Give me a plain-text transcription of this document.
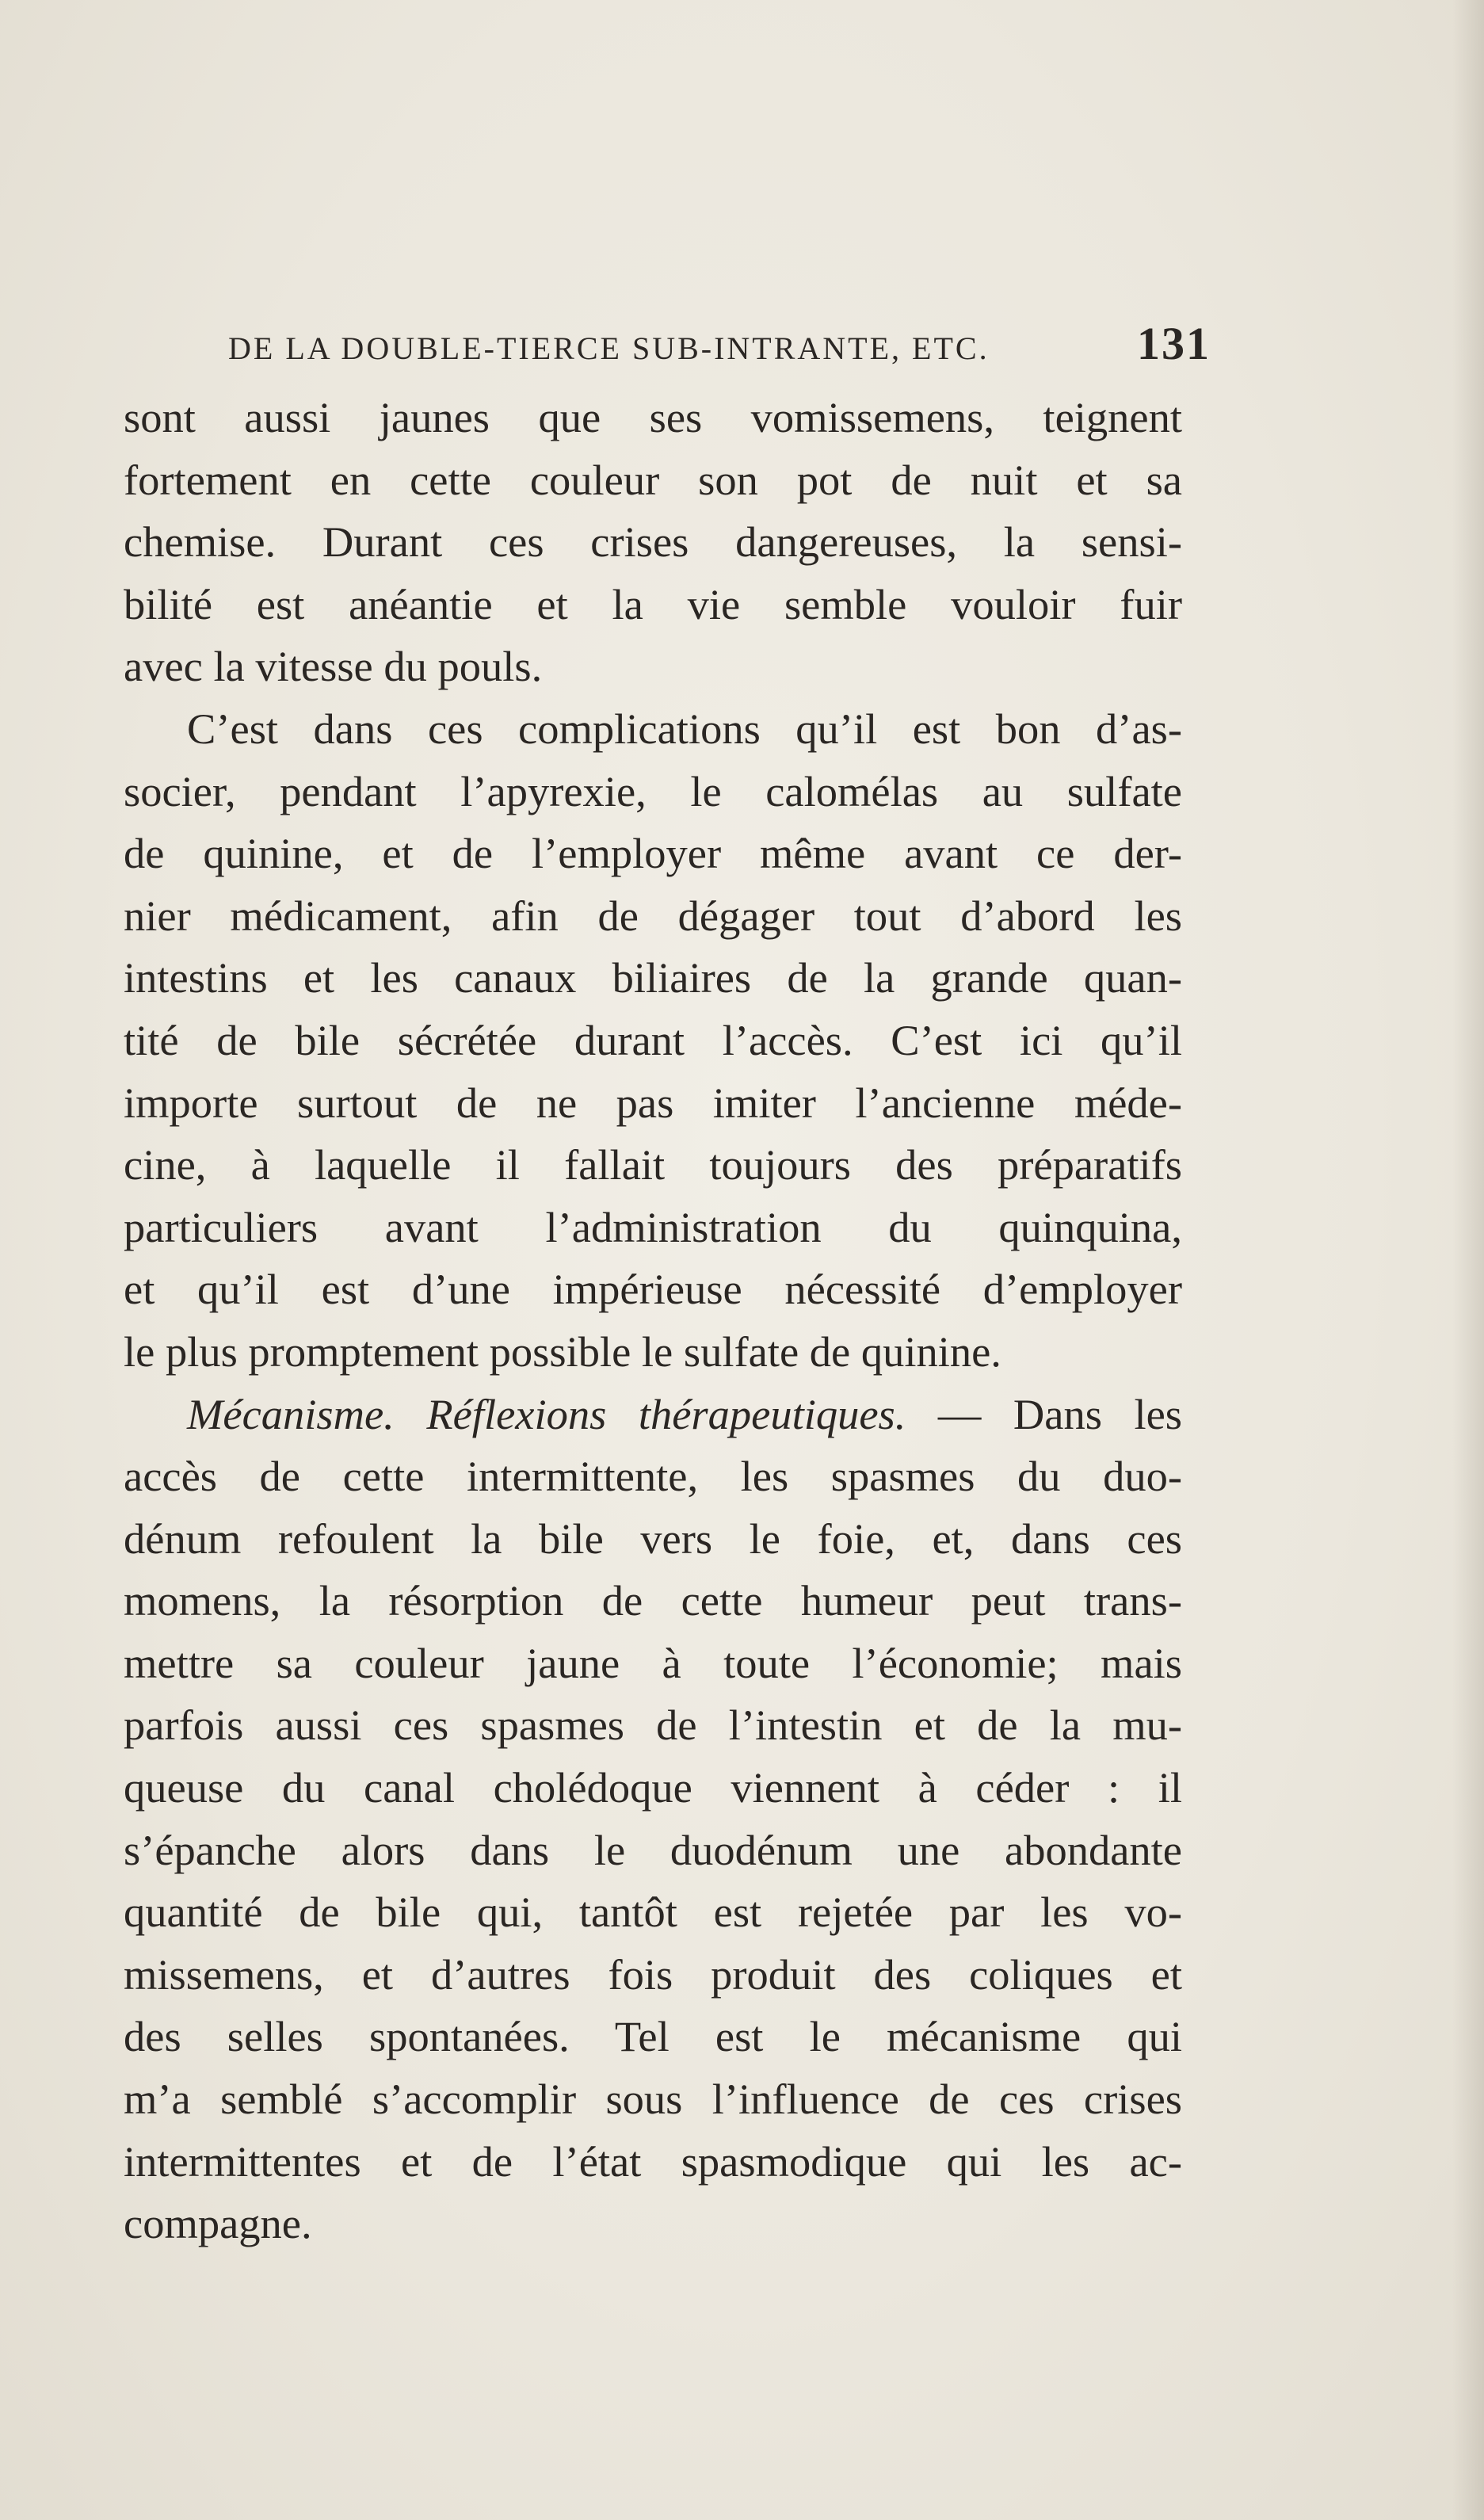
DE LA DOUBLE-TIERCE SUB-INTRANTE, ETC.	131
sont aussi jaunes que ses vomissemens, teignent
fortement en cette couleur son pot de nuit et sa
chemise. Durant ces crises dangereuses, la sensi-
bilité est anéantie et la vie semble vouloir fuir
avec la vitesse du pouls.
C’est dans ces complications qu’il est bon d’as-
socier, pendant l’apyrexie, le calomélas au sulfate
de quinine, et de l’employer même avant ce der-
nier médicament, afin de dégager tout d’abord les
intestins et les canaux biliaires de la grande quan-
tité de bile sécrétée durant l’accès. C’est ici qu’il
importe surtout de ne pas imiter l’ancienne méde-
cine, à laquelle il fallait toujours des préparatifs
particuliers avant l’administration du quinquina,
et qu’il est d’une impérieuse nécessité d’employer
le plus promptement possible le sulfate de quinine.
Mécanisme. Réflexions thérapeutiques. — Dans les
accès de cette intermittente, les spasmes du duo-
dénum refoulent la bile vers le foie, et, dans ces
momens, la résorption de cette humeur peut trans-
mettre sa couleur jaune à toute l’économie; mais
parfois aussi ces spasmes de l’intestin et de la mu-
queuse du canal cholédoque viennent à céder : il
s’épanche alors dans le duodénum une abondante
quantité de bile qui, tantôt est rejetée par les vo-
missemens, et d’autres fois produit des coliques et
des selles spontanées. Tel est le mécanisme qui
m’a semblé s’accomplir sous l’influence de ces crises
intermittentes et de l’état spasmodique qui les ac-
compagne.
